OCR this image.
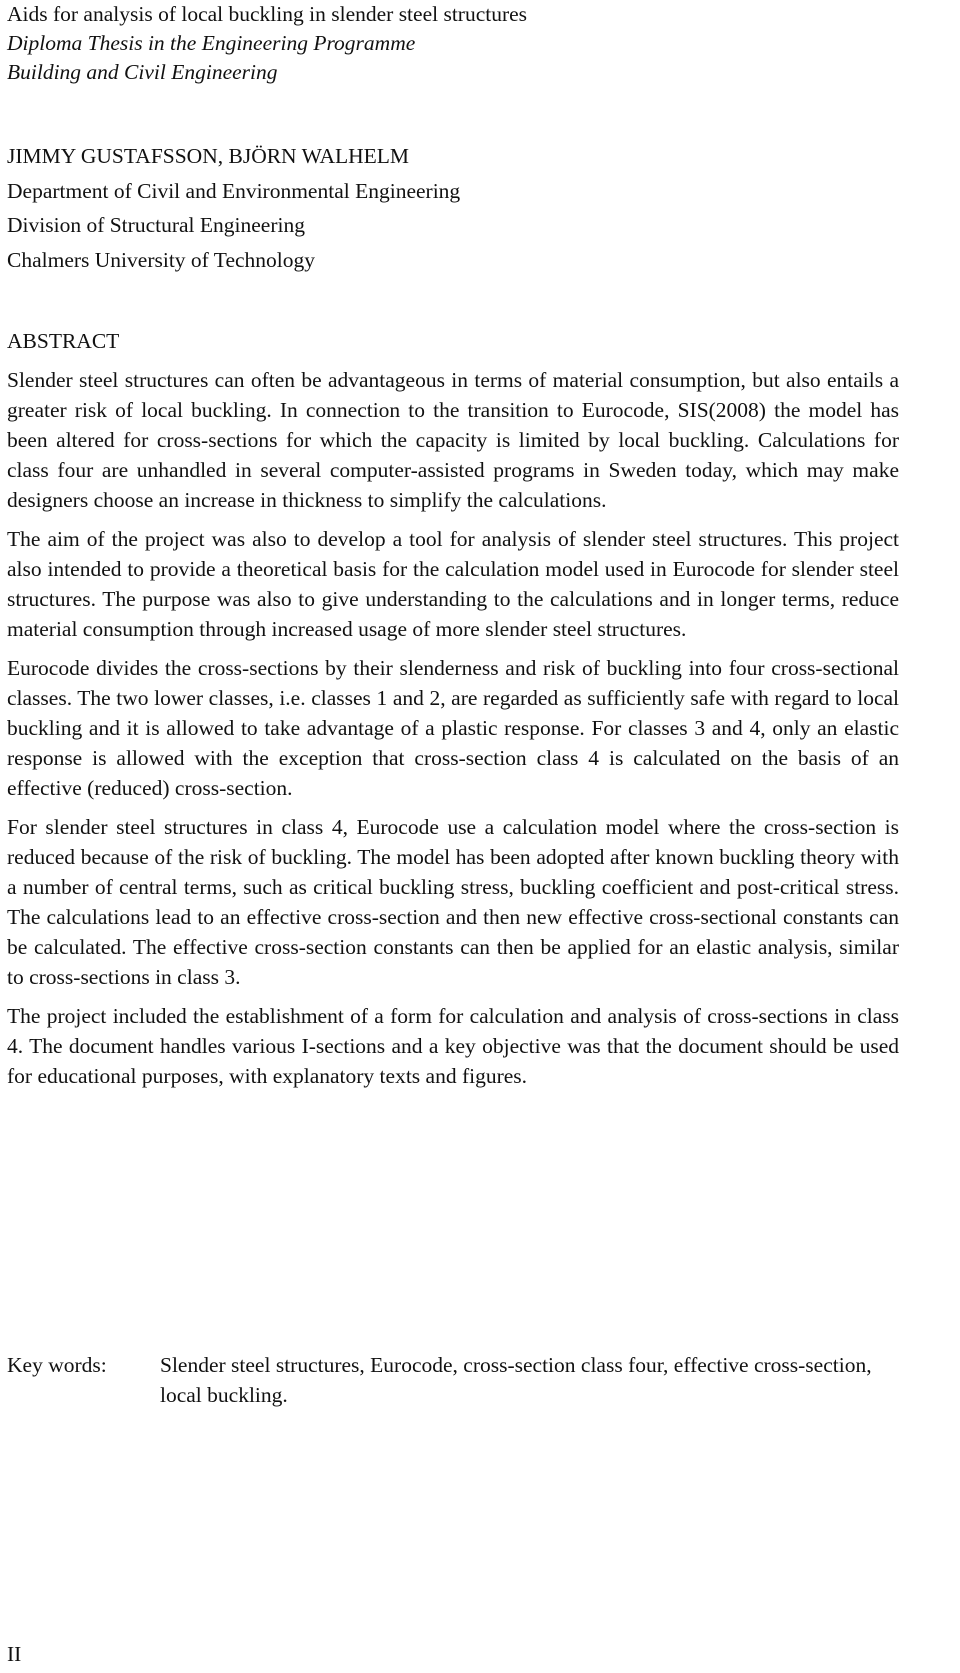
Aids for analysis of local buckling in slender steel structures
Diploma Thesis in the Engineering Programme
Building and Civil Engineering
JIMMY GUSTAFSSON, BJÖRN WALHELM
Department of Civil and Environmental Engineering
Division of Structural Engineering
Chalmers University of Technology
ABSTRACT

Slender steel structures can often be advantageous in terms of material consumption, but also entails a greater risk of local buckling. In connection to the transition to Eurocode, SIS(2008) the model has been altered for cross-sections for which the capacity is limited by local buckling. Calculations for class four are unhandled in several computer-assisted programs in Sweden today, which may make designers choose an increase in thickness to simplify the calculations.

The aim of the project was also to develop a tool for analysis of slender steel structures. This project also intended to provide a theoretical basis for the calculation model used in Eurocode for slender steel structures. The purpose was also to give understanding to the calculations and in longer terms, reduce material consumption through increased usage of more slender steel structures.

Eurocode divides the cross-sections by their slenderness and risk of buckling into four cross-sectional classes. The two lower classes, i.e. classes 1 and 2, are regarded as sufficiently safe with regard to local buckling and it is allowed to take advantage of a plastic response. For classes 3 and 4, only an elastic response is allowed with the exception that cross-section class 4 is calculated on the basis of an effective (reduced) cross-section.

For slender steel structures in class 4, Eurocode use a calculation model where the cross-section is reduced because of the risk of buckling. The model has been adopted after known buckling theory with a number of central terms, such as critical buckling stress, buckling coefficient and post-critical stress. The calculations lead to an effective cross-section and then new effective cross-sectional constants can be calculated. The effective cross-section constants can then be applied for an elastic analysis, similar to cross-sections in class 3.

The project included the establishment of a form for calculation and analysis of cross-sections in class 4. The document handles various I-sections and a key objective was that the document should be used for educational purposes, with explanatory texts and figures.

Key words: Slender steel structures, Eurocode, cross-section class four, effective cross-section, local buckling.
II
